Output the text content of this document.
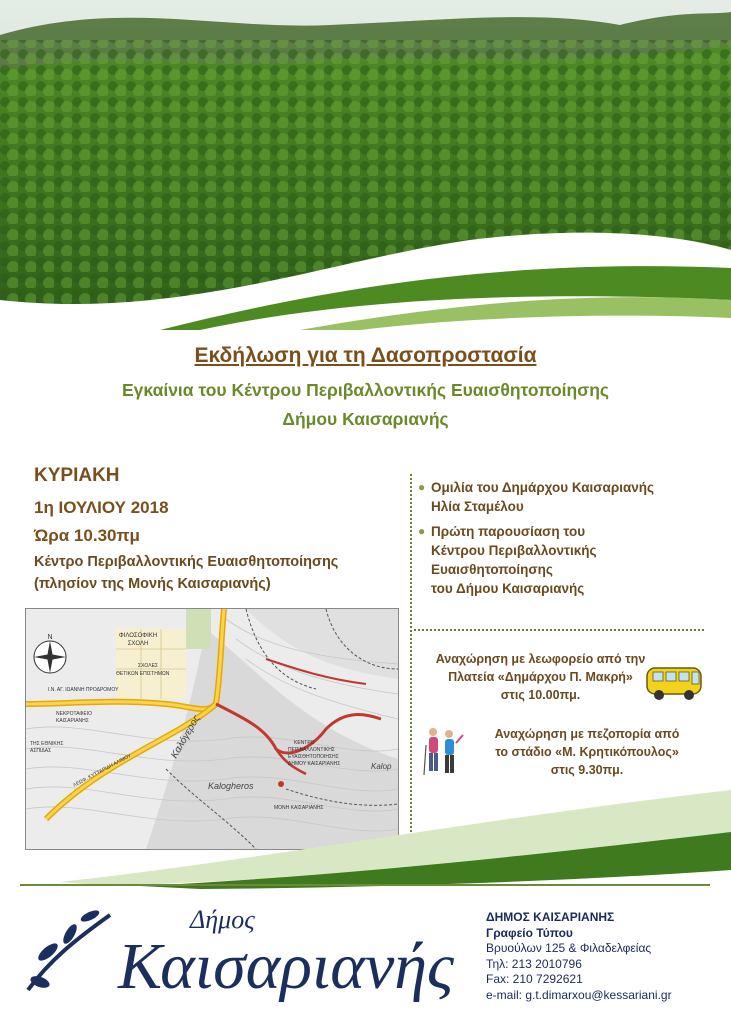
Εκδήλωση για τη Δασοπροστασία
Εγκαίνια του Κέντρου Περιβαλλοντικής Ευαισθητοποίησης
Δήμου Καισαριανής
ΚΥΡΙΑΚΗ
1η ΙΟΥΛΙΟΥ 2018
Ώρα 10.30πμ
Κέντρο Περιβαλλοντικής Ευαισθητοποίησης
(πλησίον της Μονής Καισαριανής)
N	ΦΙΛΟΣΟΦΙΚΗ
ΣΧΟΛΗ
ΣΧΟΛΕΣ
ΘΕΤΙΚΩΝ ΕΠΙΣΤΗΜΩΝ
Ι.Ν. ΑΓ. ΙΩΑΝΝΗ ΠΡΟΔΡΟΜΟΥ
ΝΕΚΡΟΤΑΦΕΙΟ
ΚΑΙΣΑΡΙΑΝΗΣ
ΤΗΣ ΕΘΝΙΚΗΣ
ΑΣΠΙΔΑΣ
ΛΕΩΦ. ΚΥΤΤΑΡΙΔΗ ΑΛΙΜΟΥ
ΚΕΝΤΡΟ
ΠΕΡΙΒΑΛΛΟΝΤΙΚΗΣ
ΕΥΑΙΣΘΗΤΟΠΟΙΗΣΗΣ
ΔΗΜΟΥ ΚΑΙΣΑΡΙΑΝΗΣ
Καλόγερος
Kalogheros
ΜΟΝΗ ΚΑΙΣΑΡΙΑΝΗΣ
Kalop
● Ομιλία του Δημάρχου Καισαριανής
Ηλία Σταμέλου
● Πρώτη παρουσίαση του
Κέντρου Περιβαλλοντικής
Ευαισθητοποίησης
του Δήμου Καισαριανής
Αναχώρηση με λεωφορείο από την
Πλατεία «Δημάρχου Π. Μακρή»
στις 10.00πμ.
Αναχώρηση με πεζοπορία από
το στάδιο «Μ. Κρητικόπουλος»
στις 9.30πμ.
Δήμος
Καισαριανής
ΔΗΜΟΣ ΚΑΙΣΑΡΙΑΝΗΣ
Γραφείο Τύπου
Βρυούλων 125 & Φιλαδελφείας
Τηλ: 213 2010796
Fax: 210 7292621
e-mail: g.t.dimarxou@kessariani.gr
